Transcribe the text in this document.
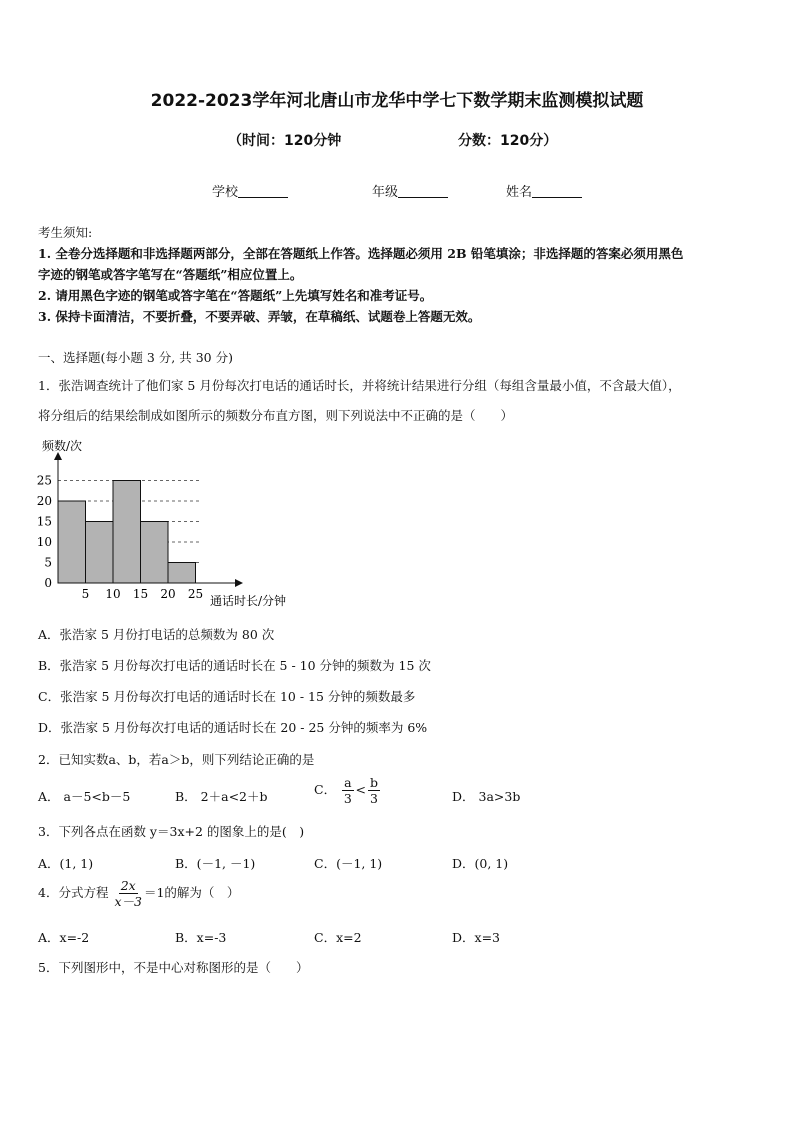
2022-2023学年河北唐山市龙华中学七下数学期末监测模拟试题
（时间：120分钟	分数：120分）
学校	年级	姓名
考生须知:
1. 全卷分选择题和非选择题两部分，全部在答题纸上作答。选择题必须用 2B 铅笔填涂；非选择题的答案必须用黑色
字迹的钢笔或答字笔写在“答题纸”相应位置上。
2. 请用黑色字迹的钢笔或答字笔在“答题纸”上先填写姓名和准考证号。
3. 保持卡面清洁，不要折叠，不要弄破、弄皱，在草稿纸、试题卷上答题无效。
一、选择题(每小题 3 分, 共 30 分)
1．张浩调查统计了他们家 5 月份每次打电话的通话时长，并将统计结果进行分组（每组含量最小值，不含最大值），
将分组后的结果绘制成如图所示的频数分布直方图，则下列说法中不正确的是（　　）
频数/次
通话时长/分钟
0
5
10
15
20
25
5 10 15 20 25
A．张浩家 5 月份打电话的总频数为 80 次
B．张浩家 5 月份每次打电话的通话时长在 5 - 10 分钟的频数为 15 次
C．张浩家 5 月份每次打电话的通话时长在 10 - 15 分钟的频数最多
D．张浩家 5 月份每次打电话的通话时长在 20 - 25 分钟的频率为 6%
2．已知实数a、b，若a＞b，则下列结论正确的是
A． a－5<b－5	B． 2＋a<2＋b	C． $\frac{a}{3} < \frac{b}{3}$	D． 3a>3b
3．下列各点在函数 y＝3x+2 的图象上的是(　)
A．(1, 1)	B．(－1, －1)	C．(－1, 1)	D．(0, 1)
4．分式方程 $\frac{2x}{x-3} =1$的解为（　）
A．x=-2	B．x=-3	C．x=2	D．x=3
5．下列图形中，不是中心对称图形的是（　　）
